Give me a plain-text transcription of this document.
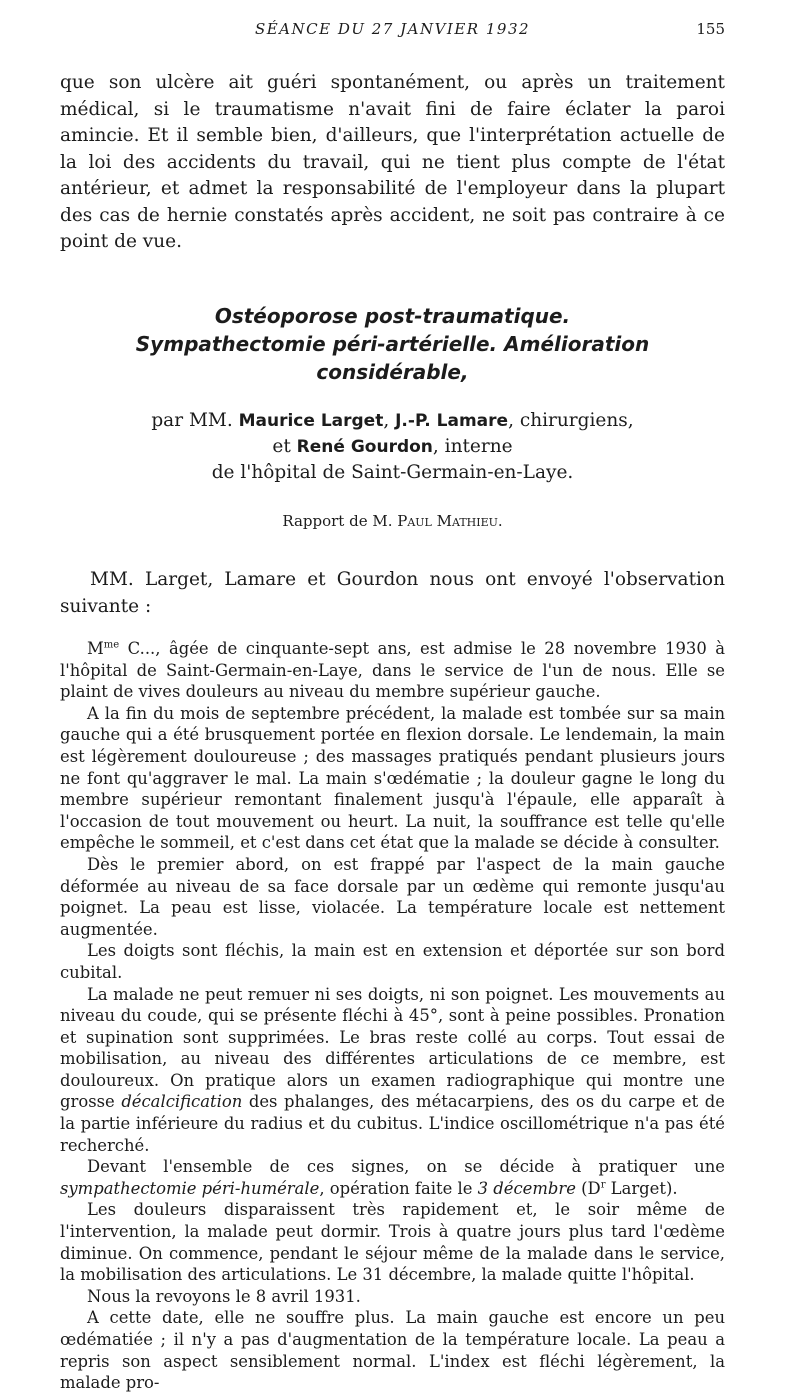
SÉANCE DU 27 JANVIER 1932	155

que son ulcère ait guéri spontanément, ou après un traitement médical, si le traumatisme n'avait fini de faire éclater la paroi amincie. Et il semble bien, d'ailleurs, que l'interprétation actuelle de la loi des accidents du travail, qui ne tient plus compte de l'état antérieur, et admet la responsabilité de l'employeur dans la plupart des cas de hernie constatés après accident, ne soit pas contraire à ce point de vue.

Ostéoporose post-traumatique.
Sympathectomie péri-artérielle. Amélioration considérable,
par MM. Maurice Larget, J.-P. Lamare, chirurgiens,
et René Gourdon, interne
de l'hôpital de Saint-Germain-en-Laye.
Rapport de M. Paul Mathieu.

MM. Larget, Lamare et Gourdon nous ont envoyé l'observation suivante :

$M^{me}$ C..., âgée de cinquante-sept ans, est admise le 28 novembre 1930 à l'hôpital de Saint-Germain-en-Laye, dans le service de l'un de nous. Elle se plaint de vives douleurs au niveau du membre supérieur gauche.

A la fin du mois de septembre précédent, la malade est tombée sur sa main gauche qui a été brusquement portée en flexion dorsale. Le lendemain, la main est légèrement douloureuse ; des massages pratiqués pendant plusieurs jours ne font qu'aggraver le mal. La main s'œdématie ; la douleur gagne le long du membre supérieur remontant finalement jusqu'à l'épaule, elle apparaît à l'occasion de tout mouvement ou heurt. La nuit, la souffrance est telle qu'elle empêche le sommeil, et c'est dans cet état que la malade se décide à consulter.

Dès le premier abord, on est frappé par l'aspect de la main gauche déformée au niveau de sa face dorsale par un œdème qui remonte jusqu'au poignet. La peau est lisse, violacée. La température locale est nettement augmentée.

Les doigts sont fléchis, la main est en extension et déportée sur son bord cubital.

La malade ne peut remuer ni ses doigts, ni son poignet. Les mouvements au niveau du coude, qui se présente fléchi à 45°, sont à peine possibles. Pronation et supination sont supprimées. Le bras reste collé au corps. Tout essai de mobilisation, au niveau des différentes articulations de ce membre, est douloureux. On pratique alors un examen radiographique qui montre une grosse décalcification des phalanges, des métacarpiens, des os du carpe et de la partie inférieure du radius et du cubitus. L'indice oscillométrique n'a pas été recherché.

Devant l'ensemble de ces signes, on se décide à pratiquer une sympathectomie péri-humérale, opération faite le 3 décembre ($D^r$ Larget).

Les douleurs disparaissent très rapidement et, le soir même de l'intervention, la malade peut dormir. Trois à quatre jours plus tard l'œdème diminue. On commence, pendant le séjour même de la malade dans le service, la mobilisation des articulations. Le 31 décembre, la malade quitte l'hôpital.

Nous la revoyons le 8 avril 1931.

A cette date, elle ne souffre plus. La main gauche est encore un peu œdématiée ; il n'y a pas d'augmentation de la température locale. La peau a repris son aspect sensiblement normal. L'index est fléchi légèrement, la malade pro-
